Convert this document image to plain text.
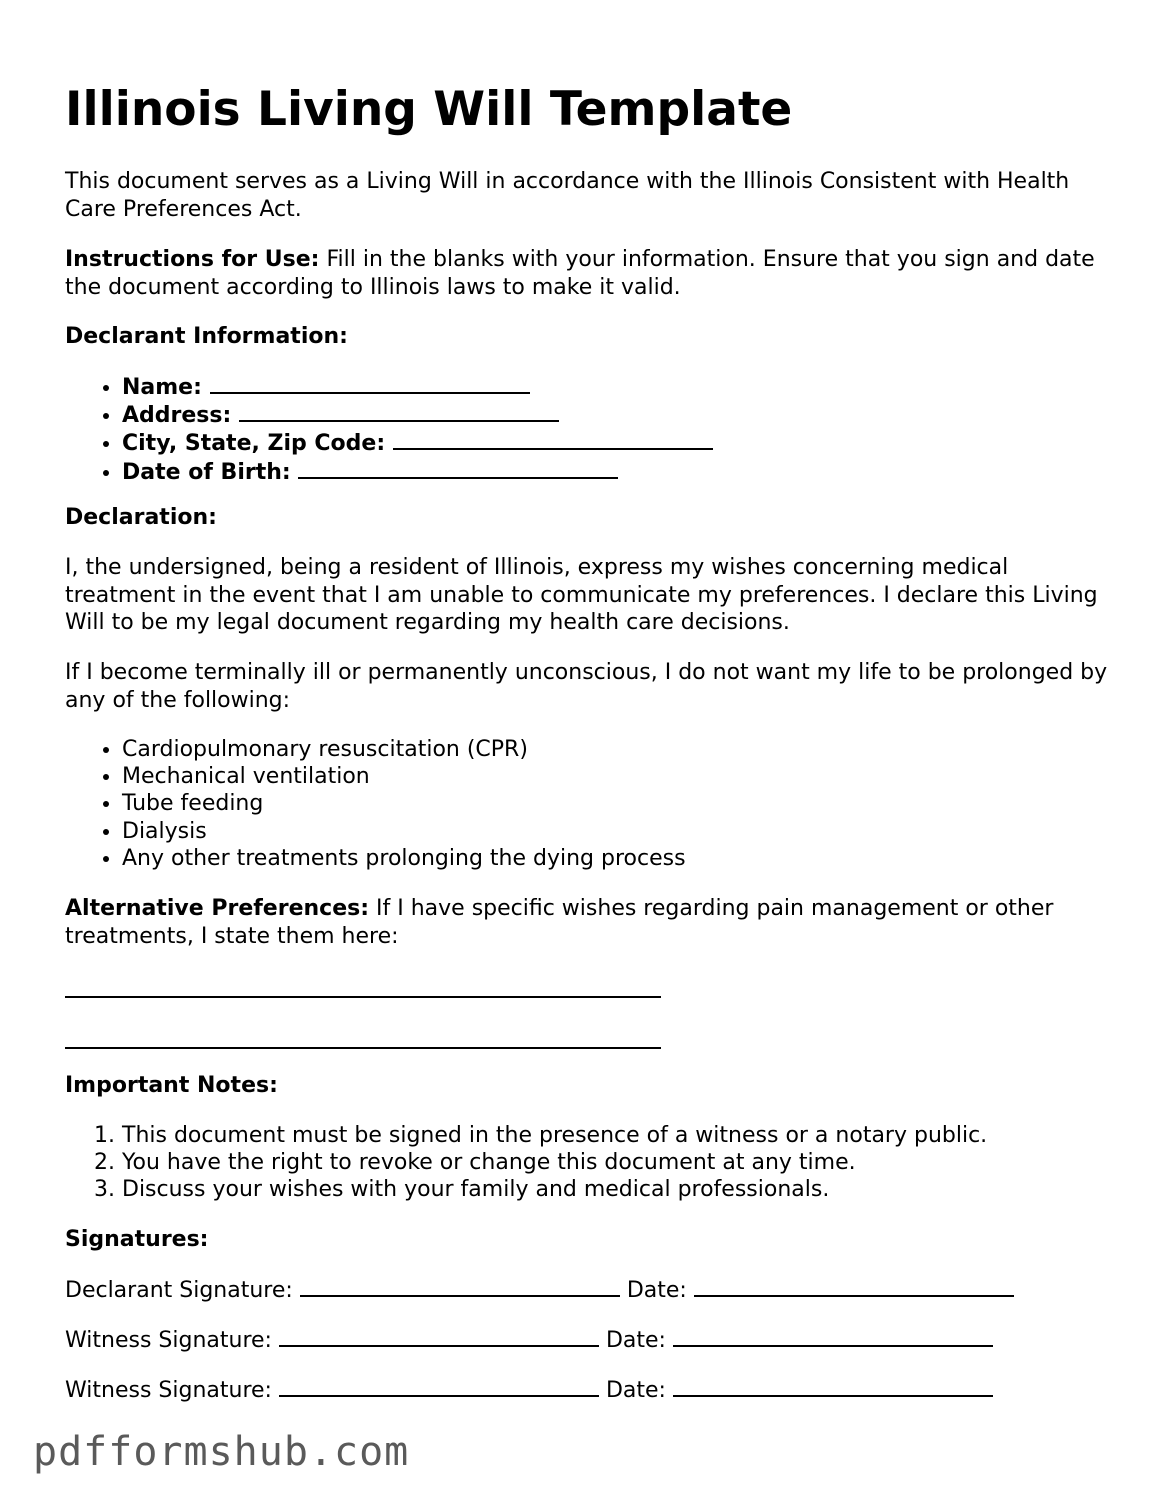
Illinois Living Will Template

This document serves as a Living Will in accordance with the Illinois Consistent with Health Care Preferences Act.

Instructions for Use: Fill in the blanks with your information. Ensure that you sign and date the document according to Illinois laws to make it valid.

Declarant Information:

• Name:
• Address:
• City, State, Zip Code:
• Date of Birth:

Declaration:

I, the undersigned, being a resident of Illinois, express my wishes concerning medical treatment in the event that I am unable to communicate my preferences. I declare this Living Will to be my legal document regarding my health care decisions.

If I become terminally ill or permanently unconscious, I do not want my life to be prolonged by any of the following:

• Cardiopulmonary resuscitation (CPR)
• Mechanical ventilation
• Tube feeding
• Dialysis
• Any other treatments prolonging the dying process

Alternative Preferences: If I have specific wishes regarding pain management or other treatments, I state them here:

Important Notes:

1. This document must be signed in the presence of a witness or a notary public.
2. You have the right to revoke or change this document at any time.
3. Discuss your wishes with your family and medical professionals.

Signatures:

Declarant Signature:	Date:
Witness Signature:	Date:
Witness Signature:	Date:
pdfformshub.com
